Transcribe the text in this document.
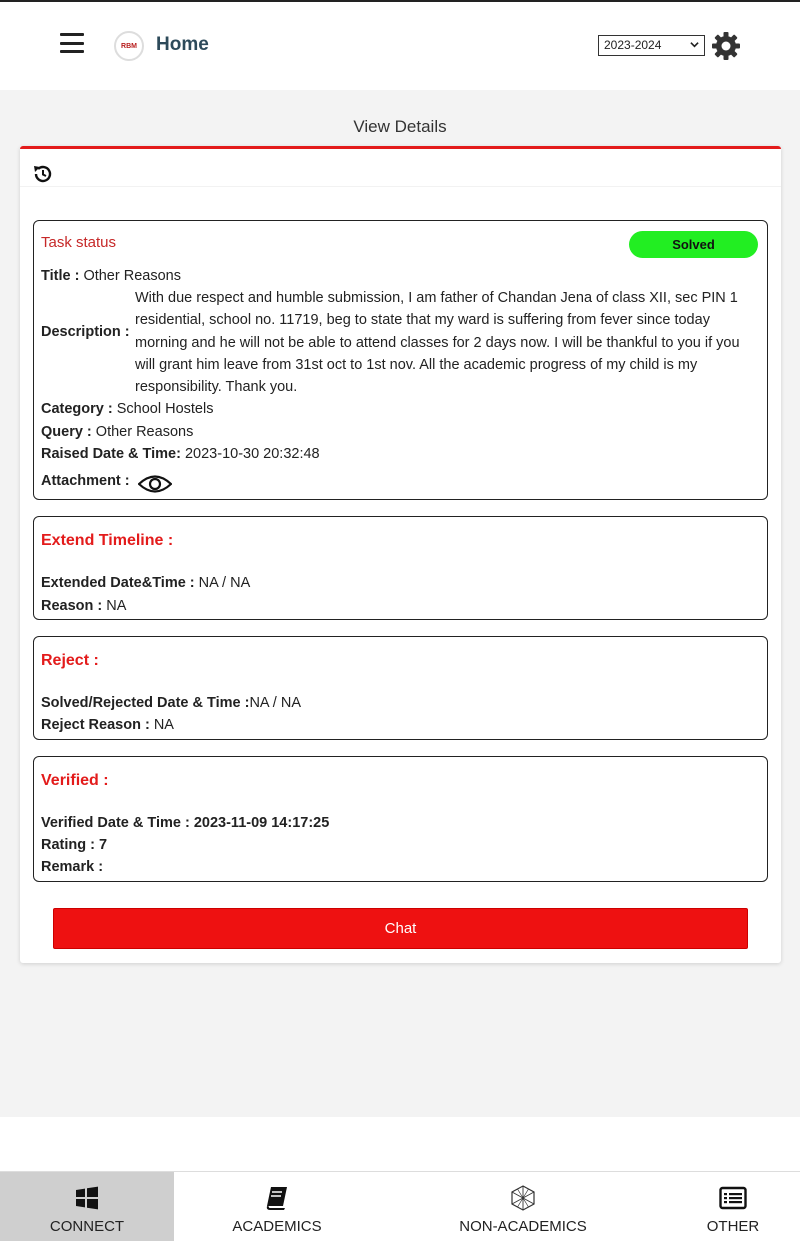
RBM Home	2023-2024
View Details
Task status	Solved
Title : Other Reasons
Description :
With due respect and humble submission, I am father of Chandan Jena of class XII, sec PIN 1 residential, school no. 11719, beg to state that my ward is suffering from fever since today morning and he will not be able to attend classes for 2 days now. I will be thankful to you if you will grant him leave from 31st oct to 1st nov. All the academic progress of my child is my responsibility. Thank you.
Category : School Hostels
Query : Other Reasons
Raised Date & Time: 2023-10-30 20:32:48
Attachment :
Extend Timeline :
Extended Date&Time : NA / NA
Reason : NA
Reject :
Solved/Rejected Date & Time :NA / NA
Reject Reason : NA
Verified :
Verified Date & Time : 2023-11-09 14:17:25
Rating : 7
Remark :
Chat
CONNECT	ACADEMICS	NON-ACADEMICS	OTHER
